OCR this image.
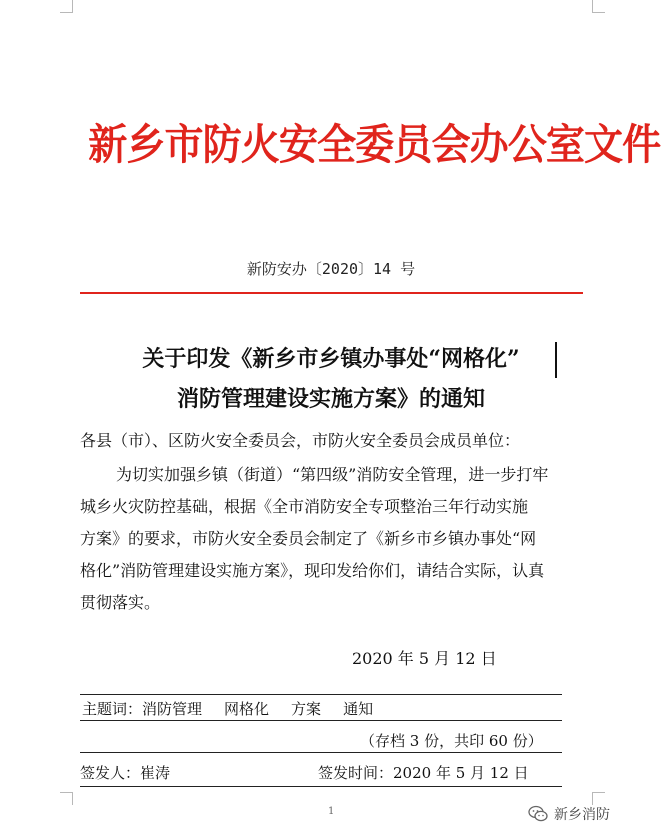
新乡市防火安全委员会办公室文件
新防安办〔2020〕14 号
关于印发《新乡市乡镇办事处“网格化”
消防管理建设实施方案》的通知
各县（市）、区防火安全委员会，市防火安全委员会成员单位：
为切实加强乡镇（街道）“第四级”消防安全管理，进一步打牢
城乡火灾防控基础，根据《全市消防安全专项整治三年行动实施
方案》的要求，市防火安全委员会制定了《新乡市乡镇办事处“网
格化”消防管理建设实施方案》，现印发给你们，请结合实际，认真
贯彻落实。
2020 年 5 月 12 日
主题词：消防管理 网格化 方案 通知
（存档 3 份，共印 60 份）
签发人：崔涛	签发时间：2020 年 5 月 12 日
1	新乡消防
